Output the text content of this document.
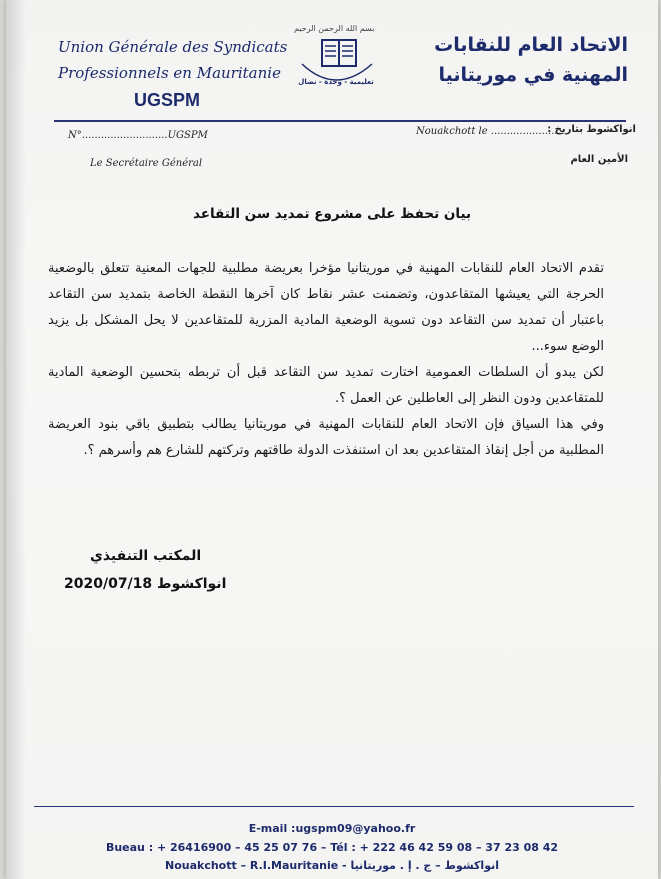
Union Générale des Syndicats
Professionnels en Mauritanie
UGSPM
بسم الله الرحمن الرحيم
تعليمية - وحدة - نضال
الاتحاد العام للنقابات
المهنية في موريتانيا
N°...........................UGSPM	Nouakchott le .......................
انواكشوط بتاريخ :
Le Secrétaire Général	الأمين العام
بيان تحفظ على مشروع تمديد سن التقاعد

تقدم الاتحاد العام للنقابات المهنية في موريتانيا مؤخرا بعريضة مطلبية للجهات المعنية تتعلق بالوضعية الحرجة التي يعيشها المتقاعدون، وتضمنت عشر نقاط كان آخرها النقطة الخاصة بتمديد سن التقاعد باعتبار أن تمديد سن التقاعد دون تسوية الوضعية المادية المزرية للمتقاعدين لا يحل المشكل بل يزيد الوضع سوء...

لكن يبدو أن السلطات العمومية اختارت تمديد سن التقاعد قبل أن تربطه بتحسين الوضعية المادية للمتقاعدين ودون النظر إلى العاطلين عن العمل ؟.

وفي هذا السياق فإن الاتحاد العام للنقابات المهنية في موريتانيا يطالب بتطبيق باقي بنود العريضة المطلبية من أجل إنقاذ المتقاعدين بعد ان استنفذت الدولة طاقتهم وتركتهم للشارع هم وأسرهم ؟.

المكتب التنفيذي
انواكشوط 2020/07/18
E-mail :ugspm09@yahoo.fr
Bueau : + 26416900 – 45 25 07 76 – Tél : + 222 46 42 59 08 – 37 23 08 42
Nouakchott – R.I.Mauritanie - انواكشوط – ج . إ . موريتانيا
